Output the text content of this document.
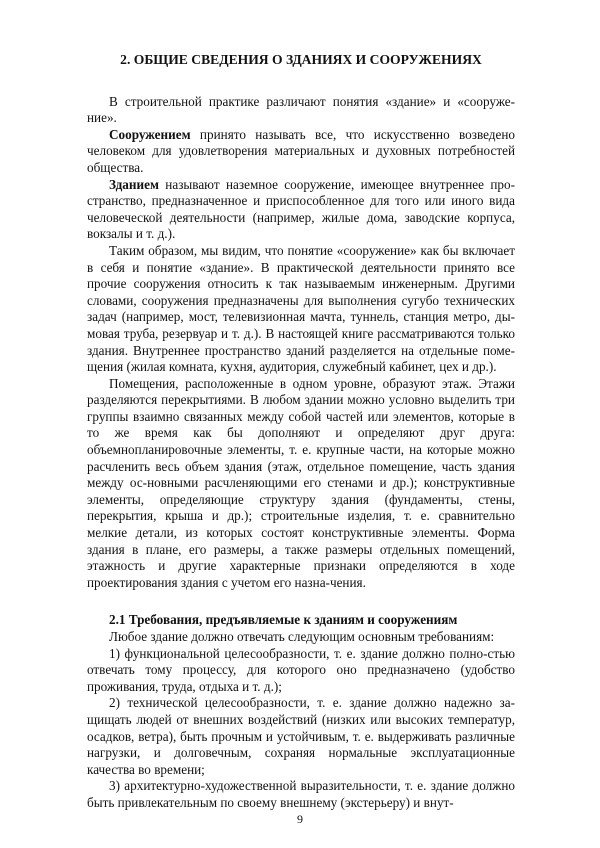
2. ОБЩИЕ СВЕДЕНИЯ О ЗДАНИЯХ И СООРУЖЕНИЯХ

В строительной практике различают понятия «здание» и «сооруже-ние».

Сооружением принято называть все, что искусственно возведено человеком для удовлетворения материальных и духовных потребностей общества.

Зданием называют наземное сооружение, имеющее внутреннее про-странство, предназначенное и приспособленное для того или иного вида человеческой деятельности (например, жилые дома, заводские корпуса, вокзалы и т. д.).

Таким образом, мы видим, что понятие «сооружение» как бы включает в себя и понятие «здание». В практической деятельности принято все прочие сооружения относить к так называемым инженерным. Другими словами, сооружения предназначены для выполнения сугубо технических задач (например, мост, телевизионная мачта, туннель, станция метро, ды-мовая труба, резервуар и т. д.). В настоящей книге рассматриваются только здания. Внутреннее пространство зданий разделяется на отдельные поме-щения (жилая комната, кухня, аудитория, служебный кабинет, цех и др.).

Помещения, расположенные в одном уровне, образуют этаж. Этажи разделяются перекрытиями. В любом здании можно условно выделить три группы взаимно связанных между собой частей или элементов, которые в то же время как бы дополняют и определяют друг друга: объемнопланировочные элементы, т. е. крупные части, на которые можно расчленить весь объем здания (этаж, отдельное помещение, часть здания между ос-новными расчленяющими его стенами и др.); конструктивные элементы, определяющие структуру здания (фундаменты, стены, перекрытия, крыша и др.); строительные изделия, т. е. сравнительно мелкие детали, из которых состоят конструктивные элементы. Форма здания в плане, его размеры, а также размеры отдельных помещений, этажность и другие характерные признаки определяются в ходе проектирования здания с учетом его назна-чения.

2.1 Требования, предъявляемые к зданиям и сооружениям

Любое здание должно отвечать следующим основным требованиям:

1) функциональной целесообразности, т. е. здание должно полно-стью отвечать тому процессу, для которого оно предназначено (удобство проживания, труда, отдыха и т. д.);

2) технической целесообразности, т. е. здание должно надежно за-щищать людей от внешних воздействий (низких или высоких температур, осадков, ветра), быть прочным и устойчивым, т. е. выдерживать различные нагрузки, и долговечным, сохраняя нормальные эксплуатационные качества во времени;

3) архитектурно-художественной выразительности, т. е. здание должно быть привлекательным по своему внешнему (экстерьеру) и внут-

9
